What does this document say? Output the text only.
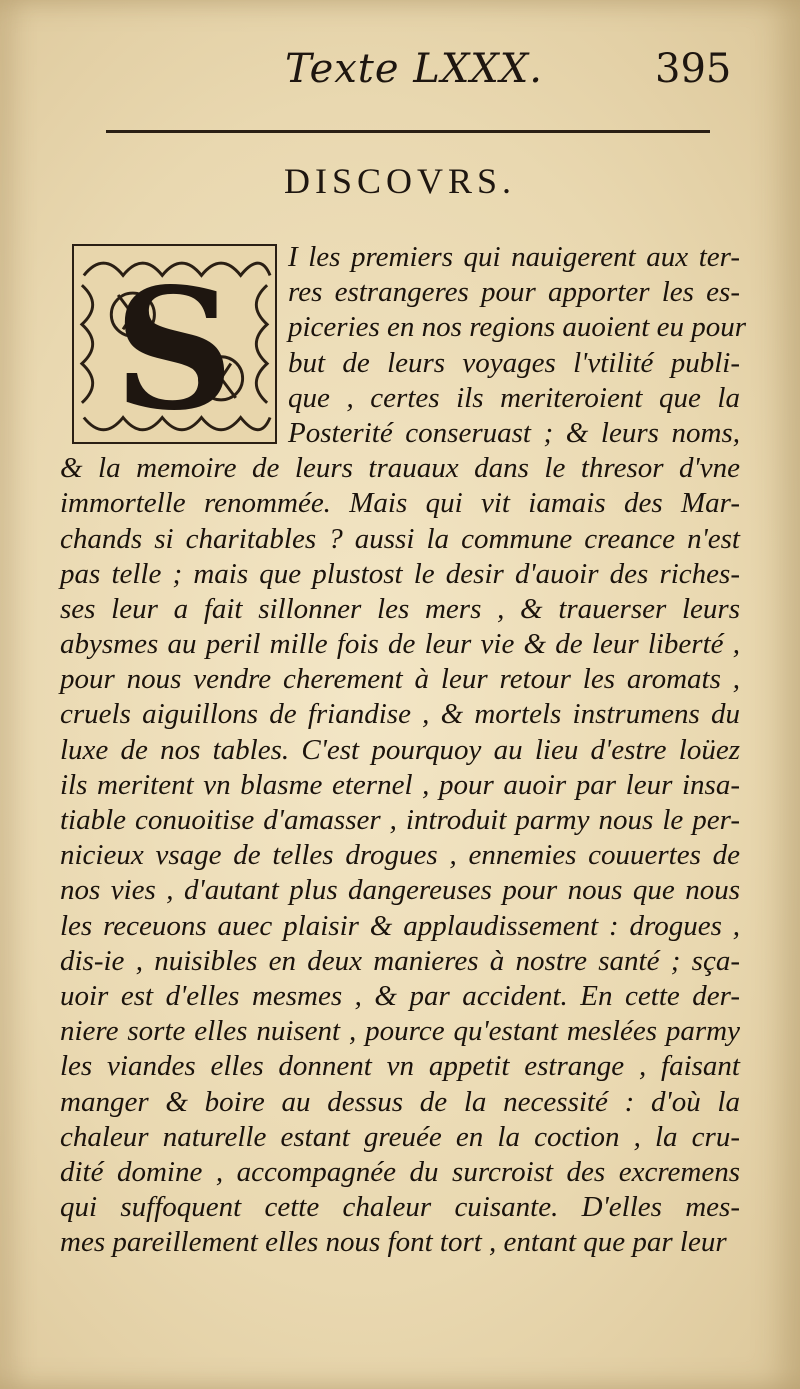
Texte LXXX.	395
DISCOVRS.
S	I les premiers qui nauigerent aux ter-
res estrangeres pour apporter les es-
piceries en nos regions auoient eu pour
but de leurs voyages l'vtilité publi-
que , certes ils meriteroient que la
Posterité conseruast ; & leurs noms,
& la memoire de leurs trauaux dans le thresor d'vne
immortelle renommée. Mais qui vit iamais des Mar-
chands si charitables ? aussi la commune creance n'est
pas telle ; mais que plustost le desir d'auoir des riches-
ses leur a fait sillonner les mers , & trauerser leurs
abysmes au peril mille fois de leur vie & de leur liberté ,
pour nous vendre cherement à leur retour les aromats ,
cruels aiguillons de friandise , & mortels instrumens du
luxe de nos tables. C'est pourquoy au lieu d'estre loüez
ils meritent vn blasme eternel , pour auoir par leur insa-
tiable conuoitise d'amasser , introduit parmy nous le per-
nicieux vsage de telles drogues , ennemies couuertes de
nos vies , d'autant plus dangereuses pour nous que nous
les receuons auec plaisir & applaudissement : drogues ,
dis-ie , nuisibles en deux manieres à nostre santé ; sça-
uoir est d'elles mesmes , & par accident. En cette der-
niere sorte elles nuisent , pource qu'estant meslées parmy
les viandes elles donnent vn appetit estrange , faisant
manger & boire au dessus de la necessité : d'où la
chaleur naturelle estant greuée en la coction , la cru-
dité domine , accompagnée du surcroist des excremens
qui suffoquent cette chaleur cuisante. D'elles mes-
mes pareillement elles nous font tort , entant que par leur
